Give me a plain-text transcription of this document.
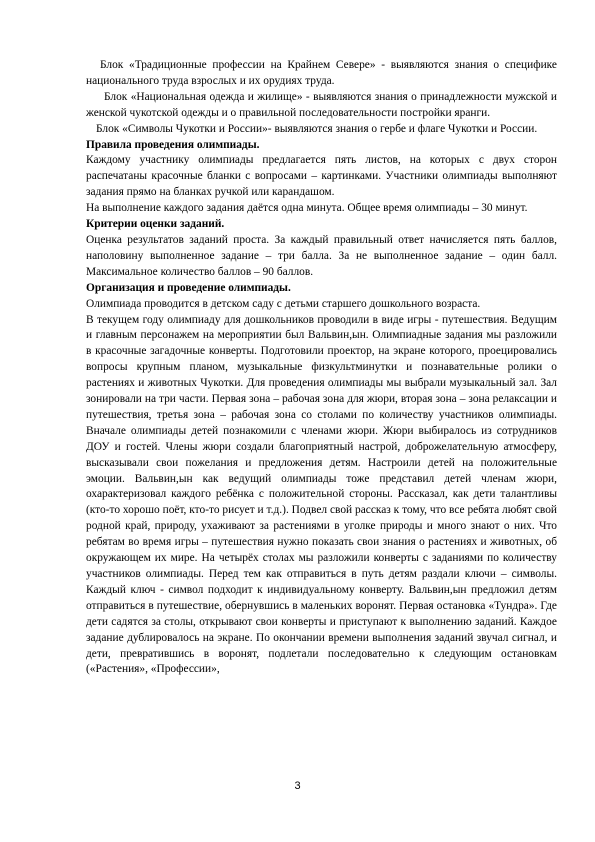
Блок «Традиционные профессии на Крайнем Севере» - выявляются знания о специфике национального труда взрослых и их орудиях труда.

Блок «Национальная одежда и жилище» - выявляются знания о принадлежности мужской и женской чукотской одежды и о правильной последовательности постройки яранги.

Блок «Символы Чукотки и России»- выявляются знания о гербе и флаге Чукотки и России.

Правила проведения олимпиады.

Каждому участнику олимпиады предлагается пять листов, на которых с двух сторон распечатаны красочные бланки с вопросами – картинками. Участники олимпиады выполняют задания прямо на бланках ручкой или карандашом.

На выполнение каждого задания даётся одна минута. Общее время олимпиады – 30 минут.

Критерии оценки заданий.

Оценка результатов заданий проста. За каждый правильный ответ начисляется пять баллов, наполовину выполненное задание – три балла. За не выполненное задание – один балл. Максимальное количество баллов – 90 баллов.

Организация и проведение олимпиады.

Олимпиада проводится в детском саду с детьми старшего дошкольного возраста.

В текущем году олимпиаду для дошкольников проводили в виде игры - путешествия. Ведущим и главным персонажем на мероприятии был Вальвин,ын. Олимпиадные задания мы разложили в красочные загадочные конверты. Подготовили проектор, на экране которого, проецировались вопросы крупным планом, музыкальные физкультминутки и познавательные ролики о растениях и животных Чукотки. Для проведения олимпиады мы выбрали музыкальный зал. Зал зонировали на три части. Первая зона – рабочая зона для жюри, вторая зона – зона релаксации и путешествия, третья зона – рабочая зона со столами по количеству участников олимпиады. Вначале олимпиады детей познакомили с членами жюри. Жюри выбиралось из сотрудников ДОУ и гостей. Члены жюри создали благоприятный настрой, доброжелательную атмосферу, высказывали свои пожелания и предложения детям. Настроили детей на положительные эмоции. Вальвин,ын как ведущий олимпиады тоже представил детей членам жюри, охарактеризовал каждого ребёнка с положительной стороны. Рассказал, как дети талантливы (кто-то хорошо поёт, кто-то рисует и т.д.). Подвел свой рассказ к тому, что все ребята любят свой родной край, природу, ухаживают за растениями в уголке природы и много знают о них. Что ребятам во время игры – путешествия нужно показать свои знания о растениях и животных, об окружающем их мире. На четырёх столах мы разложили конверты с заданиями по количеству участников олимпиады. Перед тем как отправиться в путь детям раздали ключи – символы. Каждый ключ - символ подходит к индивидуальному конверту. Вальвин,ын предложил детям отправиться в путешествие, обернувшись в маленьких воронят. Первая остановка «Тундра». Где дети садятся за столы, открывают свои конверты и приступают к выполнению заданий. Каждое задание дублировалось на экране. По окончании времени выполнения заданий звучал сигнал, и дети, превратившись в воронят, подлетали последовательно к следующим остановкам («Растения», «Профессии»,

3
